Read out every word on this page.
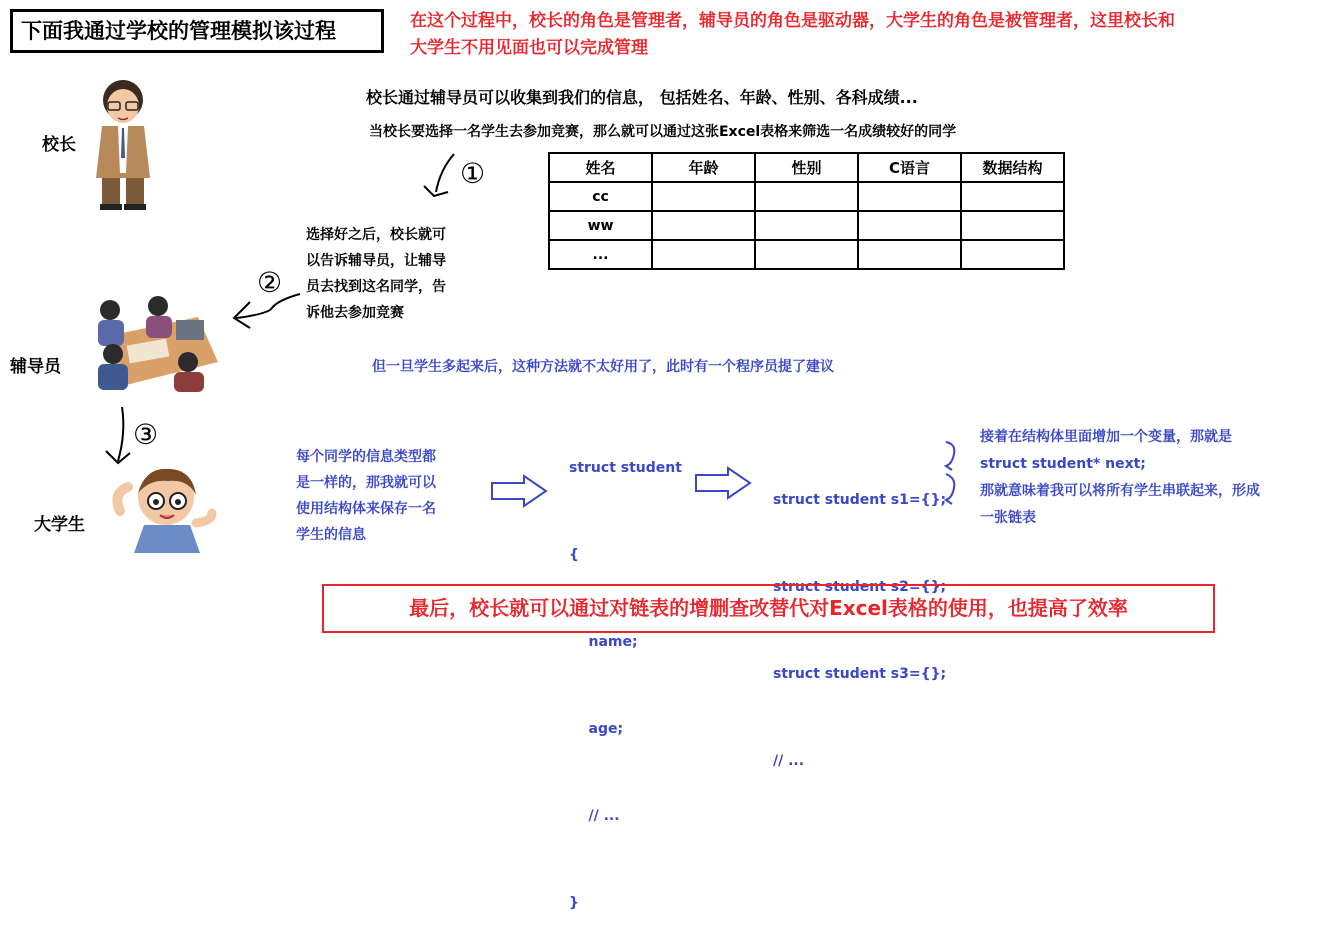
下面我通过学校的管理模拟该过程	在这个过程中，校长的角色是管理者，辅导员的角色是驱动器，大学生的角色是被管理者，这里校长和
大学生不用见面也可以完成管理
校长
辅导员
大学生
校长通过辅导员可以收集到我们的信息， 包括姓名、年龄、性别、各科成绩...
当校长要选择一名学生去参加竞赛，那么就可以通过这张Excel表格来筛选一名成绩较好的同学
①	姓名	年龄	性别	C语言	数据结构
cc				
ww				
...				
选择好之后，校长就可
以告诉辅导员，让辅导
员去找到这名同学，告
诉他去参加竞赛
②
③
但一旦学生多起来后，这种方法就不太好用了，此时有一个程序员提了建议
每个同学的信息类型都
是一样的，那我就可以
使用结构体来保存一名
学生的信息

struct student

{

name;

age;

// ...

}

struct student s1={};

struct student s2={};

struct student s3={};

// ...

接着在结构体里面增加一个变量，那就是
struct student* next;
那就意味着我可以将所有学生串联起来，形成
一张链表
最后，校长就可以通过对链表的增删查改替代对Excel表格的使用，也提高了效率
